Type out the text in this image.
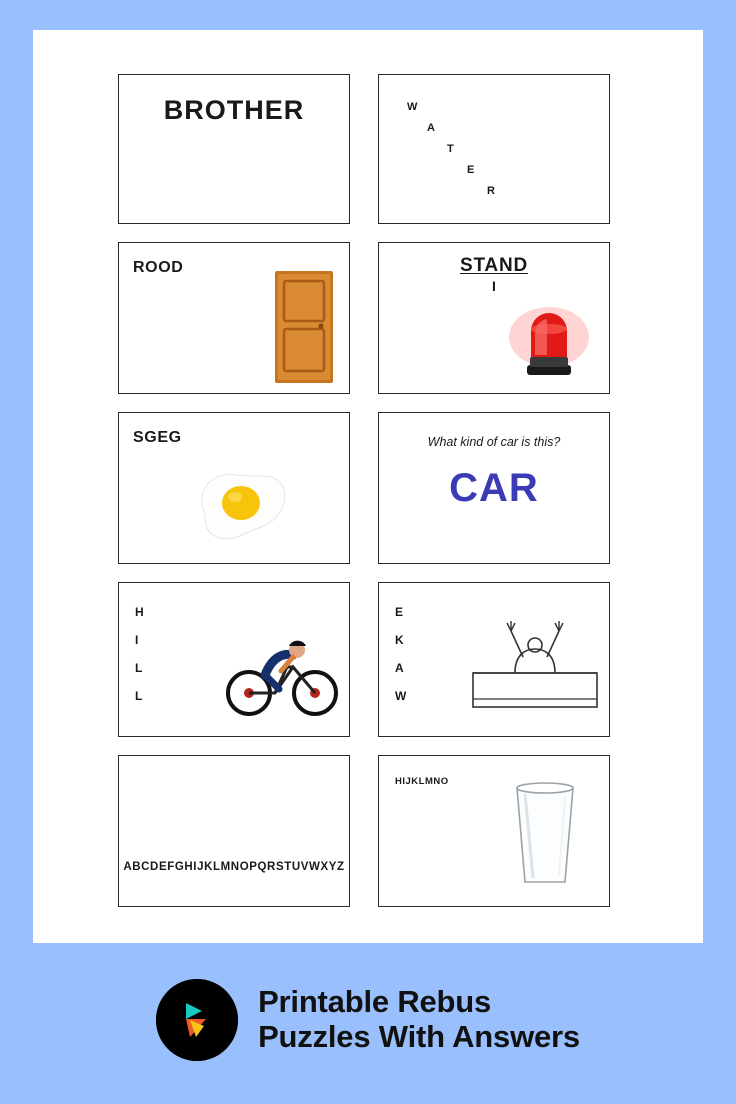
BROTHER	W
A
T
E
R
ROOD	STAND
I
SGEG	What kind of car is this?
CAR
H
I
L
L
E
K
A
W
ABCDEFGHIJKLMNOPQRSTUVWXYZ
HIJKLMNO
Printable Rebus
Puzzles With Answers
